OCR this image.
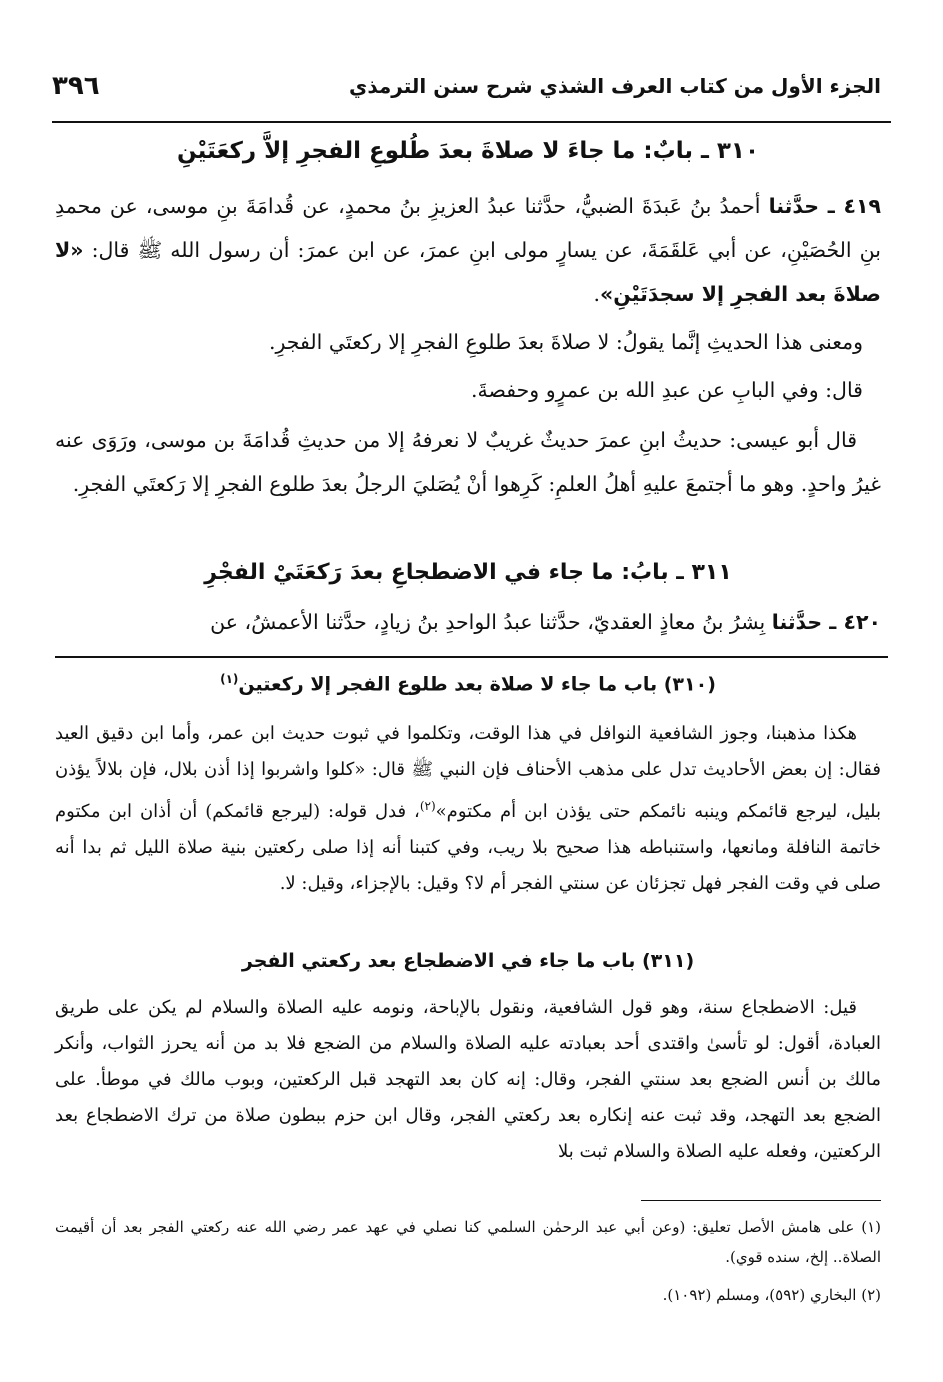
الجزء الأول من كتاب العرف الشذي شرح سنن الترمذي
٣٩٦
٣١٠ ـ بابٌ: ما جاءَ لا صلاةَ بعدَ طُلوعِ الفجرِ إلاَّ ركعَتَيْنِ
٤١٩ ـ حدَّثنا أحمدُ بنُ عَبدَةَ الضبيُّ، حدَّثنا عبدُ العزيزِ بنُ محمدٍ، عن قُدامَةَ بنِ موسى، عن محمدِ بنِ الحُصَيْنِ، عن أبي عَلقَمَةَ، عن يسارٍ مولى ابنِ عمرَ، عن ابن عمرَ: أن رسول الله ﷺ قال: «لا صلاةَ بعد الفجرِ إلا سجدَتَيْنِ».
ومعنى هذا الحديثِ إنَّما يقولُ: لا صلاةَ بعدَ طلوعِ الفجرِ إلا ركعتَي الفجرِ.
قال: وفي البابِ عن عبدِ الله بن عمرٍو وحفصةَ.
قال أبو عيسى: حديثُ ابنِ عمرَ حديثٌ غريبٌ لا نعرفهُ إلا من حديثِ قُدامَةَ بن موسى، ورَوَى عنه غيرُ واحدٍ. وهو ما أجتمعَ عليهِ أهلُ العلمِ: كَرِهوا أنْ يُصَليَ الرجلُ بعدَ طلوع الفجرِ إلا رَكعتَي الفجرِ.
٣١١ ـ بابُ: ما جاء في الاضطجاعِ بعدَ رَكعَتَيْ الفجْرِ
٤٢٠ ـ حدَّثنا بِشرُ بنُ معاذٍ العقديّ، حدَّثنا عبدُ الواحدِ بنُ زيادٍ، حدَّثنا الأعمشُ، عن
(٣١٠) باب ما جاء لا صلاة بعد طلوع الفجر إلا ركعتين$^{(١)}$
هكذا مذهبنا، وجوز الشافعية النوافل في هذا الوقت، وتكلموا في ثبوت حديث ابن عمر، وأما ابن دقيق العيد فقال: إن بعض الأحاديث تدل على مذهب الأحناف فإن النبي ﷺ قال: «كلوا واشربوا إذا أذن بلال، فإن بلالاً يؤذن بليل، ليرجع قائمكم وينبه نائمكم حتى يؤذن ابن أم مكتوم»$^{(٢)}$، فدل قوله: (ليرجع قائمكم) أن أذان ابن مكتوم خاتمة النافلة ومانعها، واستنباطه هذا صحيح بلا ريب، وفي كتبنا أنه إذا صلى ركعتين بنية صلاة الليل ثم بدا أنه صلى في وقت الفجر فهل تجزئان عن سنتي الفجر أم لا؟ وقيل: بالإجزاء، وقيل: لا.
(٣١١) باب ما جاء في الاضطجاع بعد ركعتي الفجر
قيل: الاضطجاع سنة، وهو قول الشافعية، ونقول بالإباحة، ونومه عليه الصلاة والسلام لم يكن على طريق العبادة، أقول: لو تأسىٰ واقتدى أحد بعبادته عليه الصلاة والسلام من الضجع فلا بد من أنه يحرز الثواب، وأنكر مالك بن أنس الضجع بعد سنتي الفجر، وقال: إنه كان بعد التهجد قبل الركعتين، وبوب مالك في موطأ. على الضجع بعد التهجد، وقد ثبت عنه إنكاره بعد ركعتي الفجر، وقال ابن حزم ببطون صلاة من ترك الاضطجاع بعد الركعتين، وفعله عليه الصلاة والسلام ثبت بلا

(١) على هامش الأصل تعليق: (وعن أبي عبد الرحمٰن السلمي كنا نصلي في عهد عمر رضي الله عنه ركعتي الفجر بعد أن أقيمت الصلاة.. إلخ، سنده قوي).

(٢) البخاري (٥٩٢)، ومسلم (١٠٩٢).
